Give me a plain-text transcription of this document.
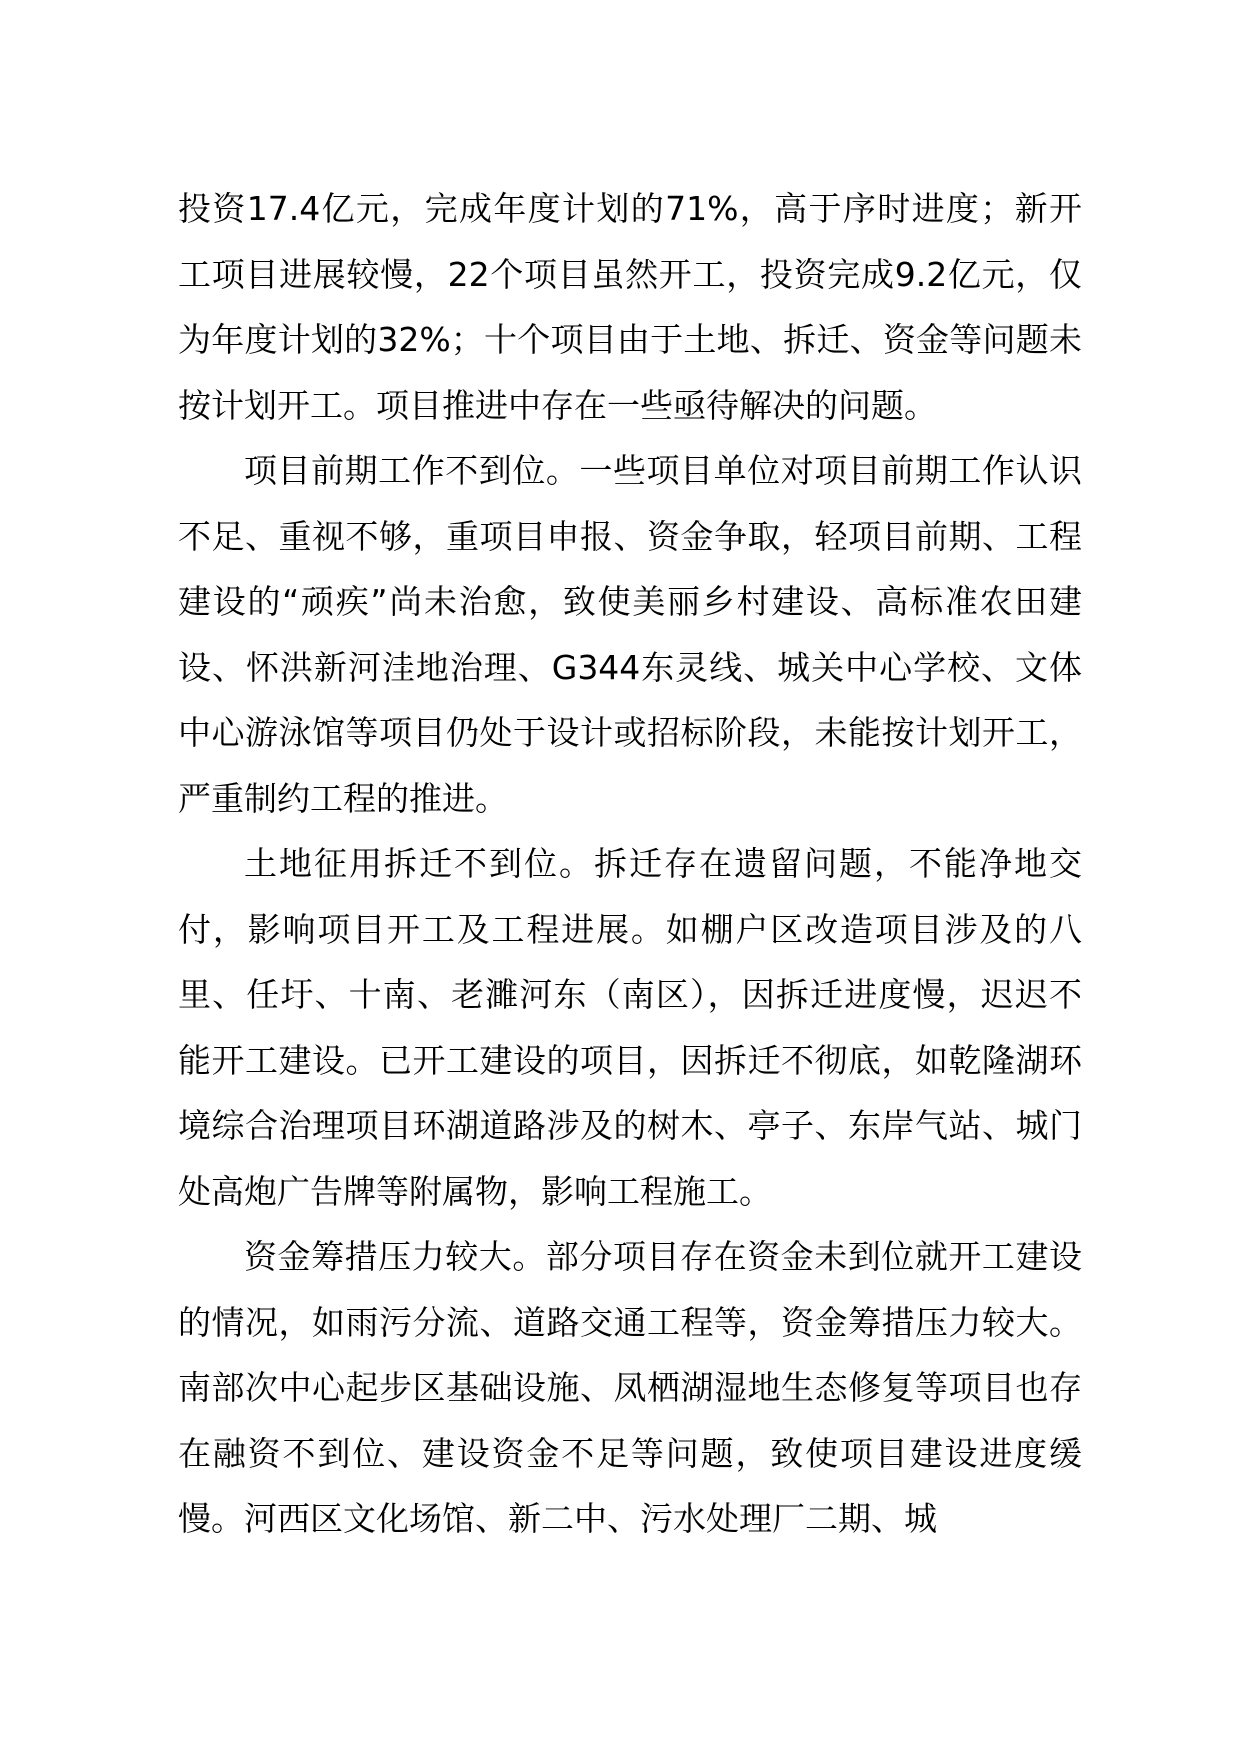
投资17.4亿元，完成年度计划的71%，高于序时进度；新开工项目进展较慢，22个项目虽然开工，投资完成9.2亿元，仅为年度计划的32%；十个项目由于土地、拆迁、资金等问题未按计划开工。项目推进中存在一些亟待解决的问题。

项目前期工作不到位。一些项目单位对项目前期工作认识不足、重视不够，重项目申报、资金争取，轻项目前期、工程建设的“顽疾”尚未治愈，致使美丽乡村建设、高标准农田建设、怀洪新河洼地治理、G344东灵线、城关中心学校、文体中心游泳馆等项目仍处于设计或招标阶段，未能按计划开工，严重制约工程的推进。

土地征用拆迁不到位。拆迁存在遗留问题，不能净地交付，影响项目开工及工程进展。如棚户区改造项目涉及的八里、任圩、十南、老濉河东（南区），因拆迁进度慢，迟迟不能开工建设。已开工建设的项目，因拆迁不彻底，如乾隆湖环境综合治理项目环湖道路涉及的树木、亭子、东岸气站、城门处高炮广告牌等附属物，影响工程施工。

资金筹措压力较大。部分项目存在资金未到位就开工建设的情况，如雨污分流、道路交通工程等，资金筹措压力较大。南部次中心起步区基础设施、凤栖湖湿地生态修复等项目也存在融资不到位、建设资金不足等问题，致使项目建设进度缓慢。河西区文化场馆、新二中、污水处理厂二期、城
